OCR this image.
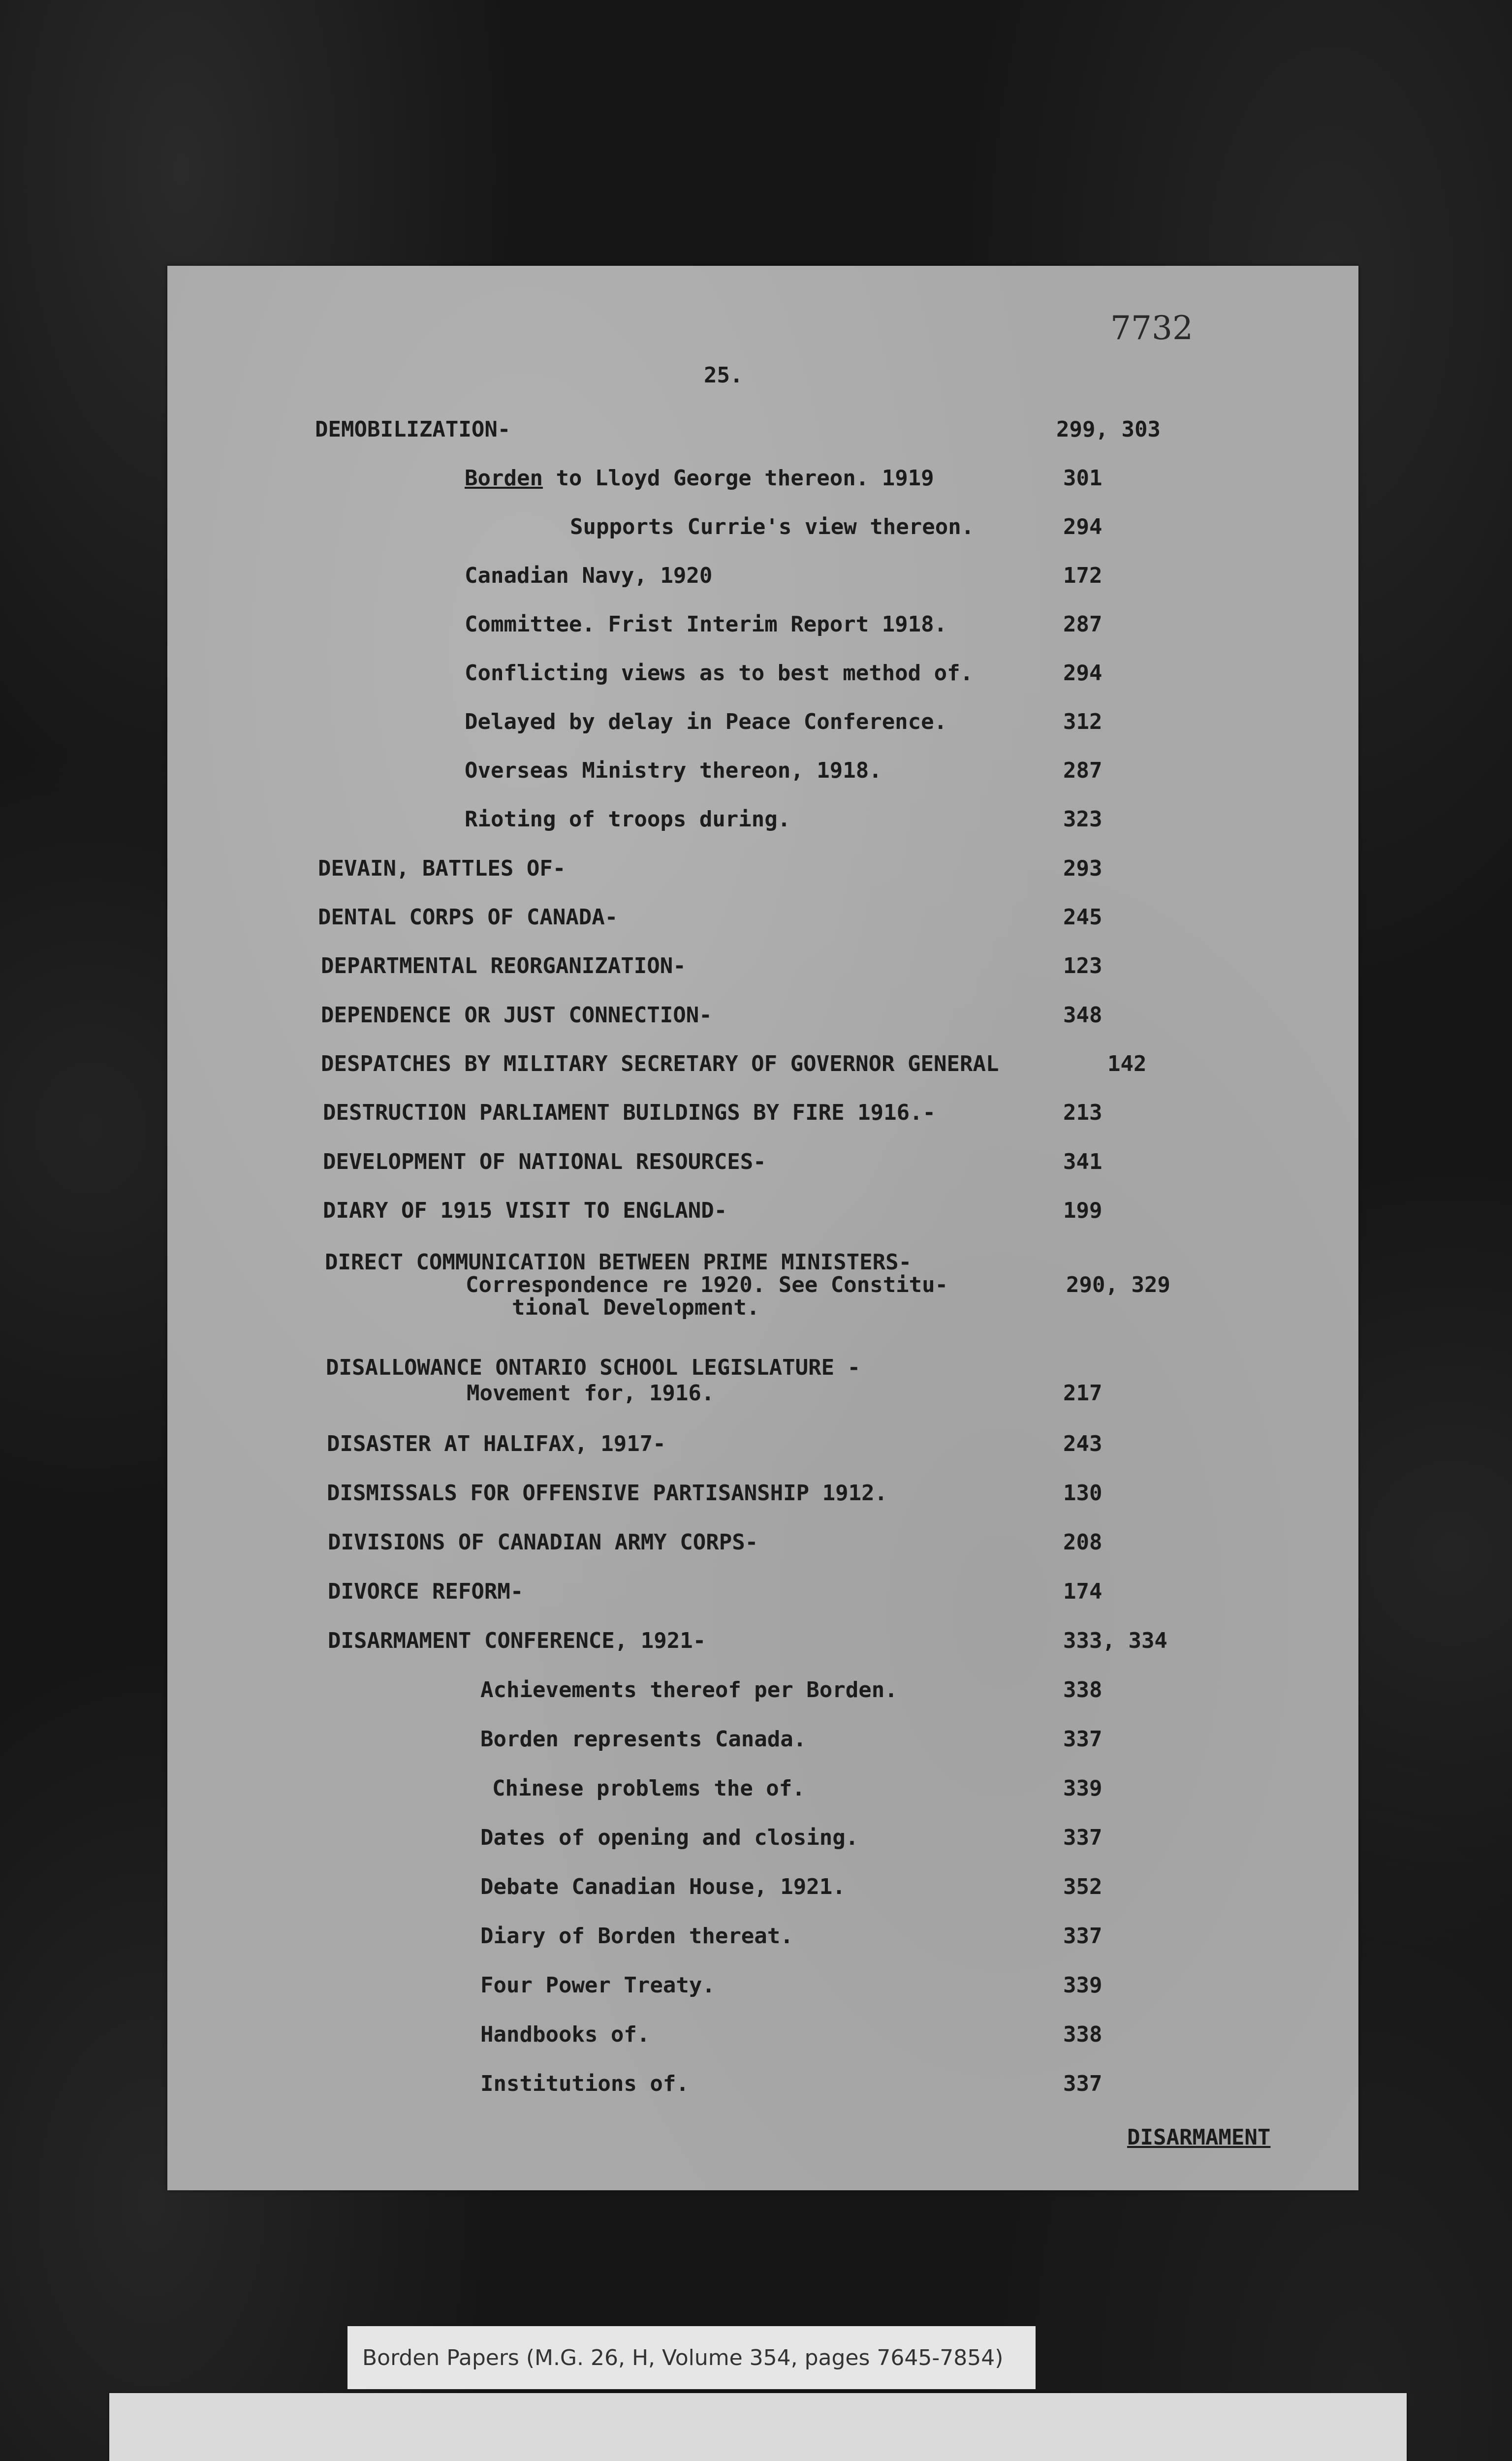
7732
25.
DEMOBILIZATION-	299, 303
Borden to Lloyd George thereon. 1919	301
Supports Currie's view thereon.	294
Canadian Navy, 1920	172
Committee. Frist Interim Report 1918.	287
Conflicting views as to best method of.	294
Delayed by delay in Peace Conference.	312
Overseas Ministry thereon, 1918.	287
Rioting of troops during.	323
DEVAIN, BATTLES OF-	293
DENTAL CORPS OF CANADA-	245
DEPARTMENTAL REORGANIZATION-	123
DEPENDENCE OR JUST CONNECTION-	348
DESPATCHES BY MILITARY SECRETARY OF GOVERNOR GENERAL	142
DESTRUCTION PARLIAMENT BUILDINGS BY FIRE 1916.-	213
DEVELOPMENT OF NATIONAL RESOURCES-	341
DIARY OF 1915 VISIT TO ENGLAND-	199
DIRECT COMMUNICATION BETWEEN PRIME MINISTERS-
Correspondence re 1920. See Constitu-	290, 329
tional Development.
DISALLOWANCE ONTARIO SCHOOL LEGISLATURE -
Movement for, 1916.	217
DISASTER AT HALIFAX, 1917-	243
DISMISSALS FOR OFFENSIVE PARTISANSHIP 1912.	130
DIVISIONS OF CANADIAN ARMY CORPS-	208
DIVORCE REFORM-	174
DISARMAMENT CONFERENCE, 1921-	333, 334
Achievements thereof per Borden.	338
Borden represents Canada.	337
Chinese problems the of.	339
Dates of opening and closing.	337
Debate Canadian House, 1921.	352
Diary of Borden thereat.	337
Four Power Treaty.	339
Handbooks of.	338
Institutions of.	337
DISARMAMENT
Borden Papers (M.G. 26, H, Volume 354, pages 7645-7854)
